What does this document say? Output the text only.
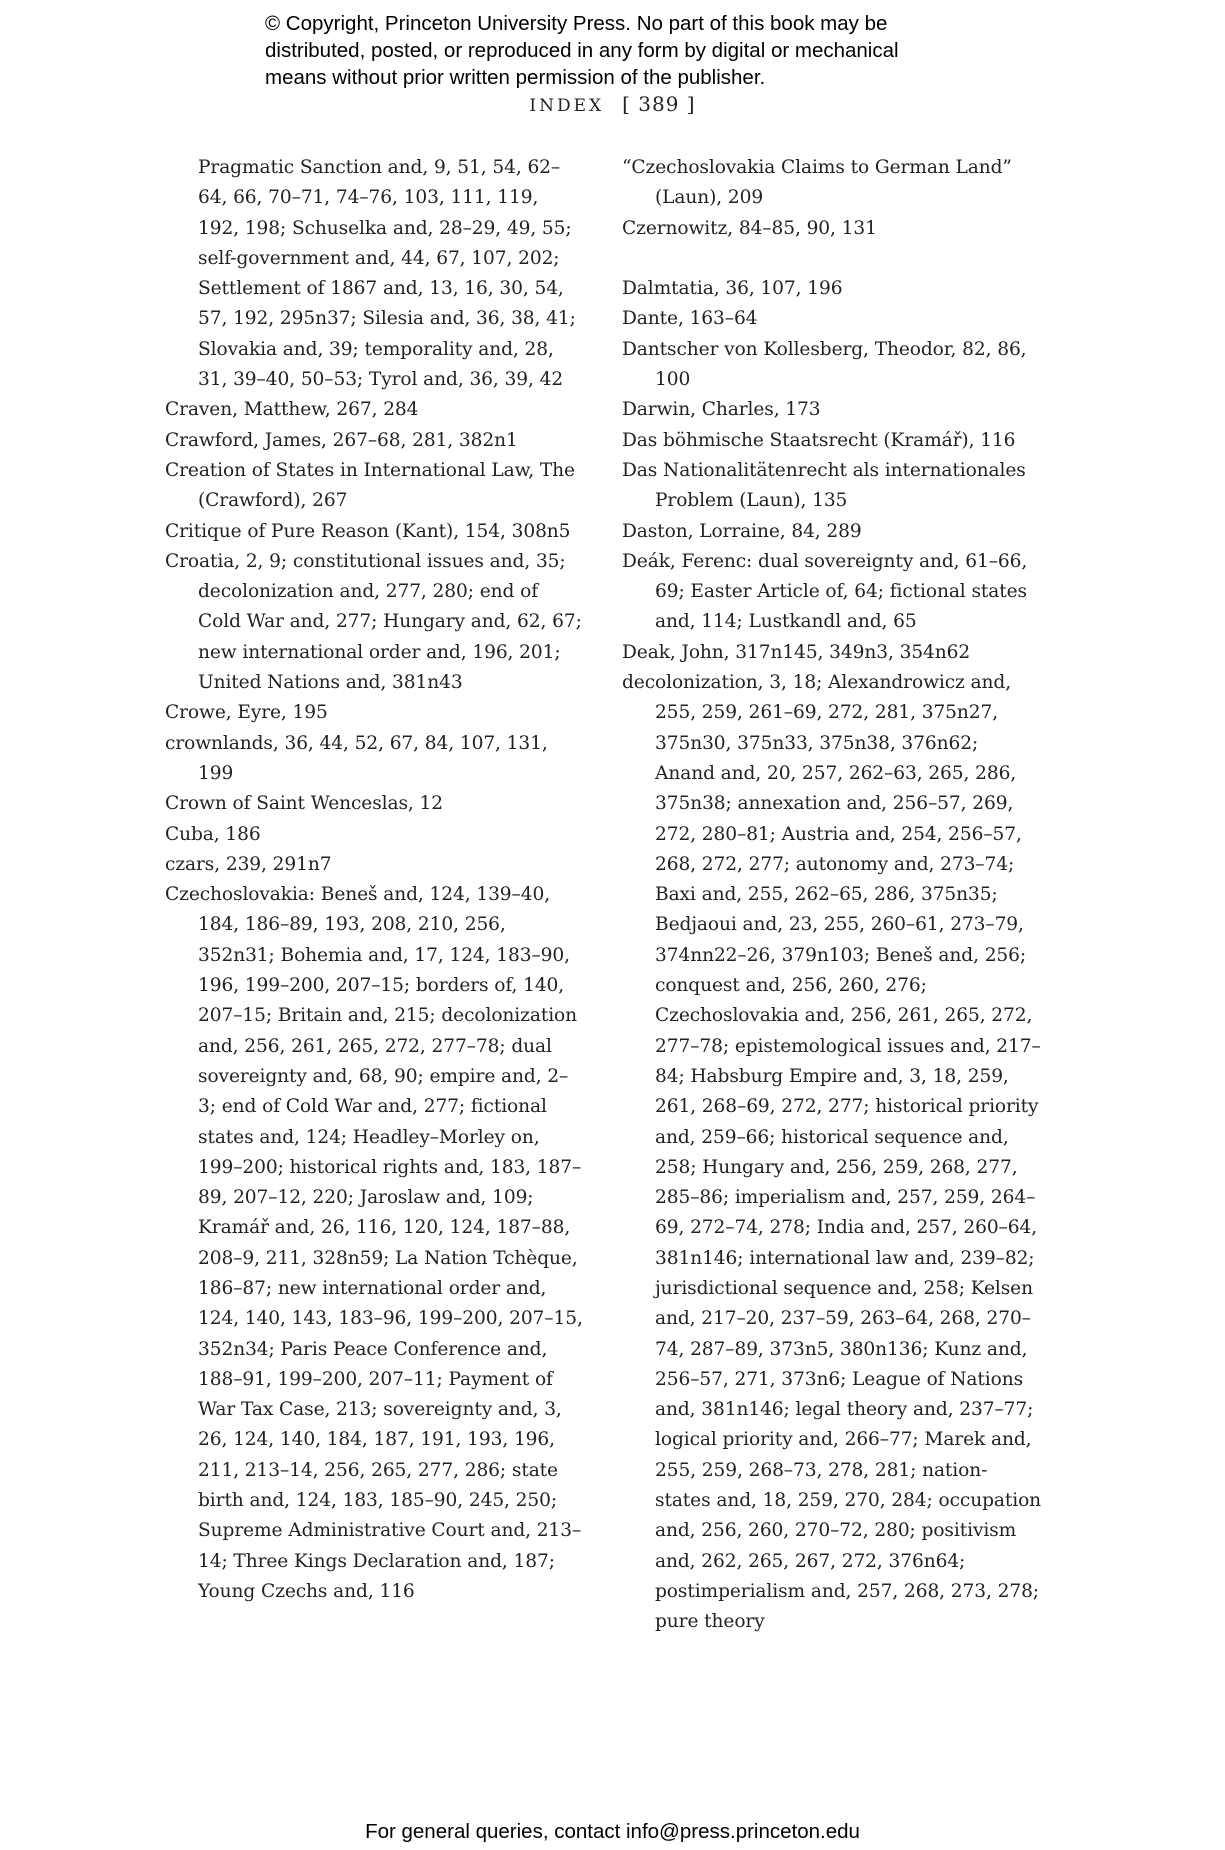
© Copyright, Princeton University Press. No part of this book may be
distributed, posted, or reproduced in any form by digital or mechanical
means without prior written permission of the publisher.
INDEX [ 389 ]
Pragmatic Sanction and, 9, 51, 54, 62–64, 66, 70–71, 74–76, 103, 111, 119, 192, 198; Schuselka and, 28–29, 49, 55; self-government and, 44, 67, 107, 202; Settlement of 1867 and, 13, 16, 30, 54, 57, 192, 295n37; Silesia and, 36, 38, 41; Slovakia and, 39; temporality and, 28, 31, 39–40, 50–53; Tyrol and, 36, 39, 42
Craven, Matthew, 267, 284
Crawford, James, 267–68, 281, 382n1
Creation of States in International Law, The (Crawford), 267
Critique of Pure Reason (Kant), 154, 308n5
Croatia, 2, 9; constitutional issues and, 35; decolonization and, 277, 280; end of Cold War and, 277; Hungary and, 62, 67; new international order and, 196, 201; United Nations and, 381n43
Crowe, Eyre, 195
crownlands, 36, 44, 52, 67, 84, 107, 131, 199
Crown of Saint Wenceslas, 12
Cuba, 186
czars, 239, 291n7
Czechoslovakia: Beneš and, 124, 139–40, 184, 186–89, 193, 208, 210, 256, 352n31; Bohemia and, 17, 124, 183–90, 196, 199–200, 207–15; borders of, 140, 207–15; Britain and, 215; decolonization and, 256, 261, 265, 272, 277–78; dual sovereignty and, 68, 90; empire and, 2–3; end of Cold War and, 277; fictional states and, 124; Headley–Morley on, 199–200; historical rights and, 183, 187–89, 207–12, 220; Jaroslaw and, 109; Kramář and, 26, 116, 120, 124, 187–88, 208–9, 211, 328n59; La Nation Tchèque, 186–87; new international order and, 124, 140, 143, 183–96, 199–200, 207–15, 352n34; Paris Peace Conference and, 188–91, 199–200, 207–11; Payment of War Tax Case, 213; sovereignty and, 3, 26, 124, 140, 184, 187, 191, 193, 196, 211, 213–14, 256, 265, 277, 286; state birth and, 124, 183, 185–90, 245, 250; Supreme Administrative Court and, 213–14; Three Kings Declaration and, 187; Young Czechs and, 116
“Czechoslovakia Claims to German Land” (Laun), 209
Czernowitz, 84–85, 90, 131
Dalmtatia, 36, 107, 196
Dante, 163–64
Dantscher von Kollesberg, Theodor, 82, 86, 100
Darwin, Charles, 173
Das böhmische Staatsrecht (Kramář), 116
Das Nationalitätenrecht als internationales Problem (Laun), 135
Daston, Lorraine, 84, 289
Deák, Ferenc: dual sovereignty and, 61–66, 69; Easter Article of, 64; fictional states and, 114; Lustkandl and, 65
Deak, John, 317n145, 349n3, 354n62
decolonization, 3, 18; Alexandrowicz and, 255, 259, 261–69, 272, 281, 375n27, 375n30, 375n33, 375n38, 376n62; Anand and, 20, 257, 262–63, 265, 286, 375n38; annexation and, 256–57, 269, 272, 280–81; Austria and, 254, 256–57, 268, 272, 277; autonomy and, 273–74; Baxi and, 255, 262–65, 286, 375n35; Bedjaoui and, 23, 255, 260–61, 273–79, 374nn22–26, 379n103; Beneš and, 256; conquest and, 256, 260, 276; Czechoslovakia and, 256, 261, 265, 272, 277–78; epistemological issues and, 217–84; Habsburg Empire and, 3, 18, 259, 261, 268–69, 272, 277; historical priority and, 259–66; historical sequence and, 258; Hungary and, 256, 259, 268, 277, 285–86; imperialism and, 257, 259, 264–69, 272–74, 278; India and, 257, 260–64, 381n146; international law and, 239–82; jurisdictional sequence and, 258; Kelsen and, 217–20, 237–59, 263–64, 268, 270–74, 287–89, 373n5, 380n136; Kunz and, 256–57, 271, 373n6; League of Nations and, 381n146; legal theory and, 237–77; logical priority and, 266–77; Marek and, 255, 259, 268–73, 278, 281; nation-states and, 18, 259, 270, 284; occupation and, 256, 260, 270–72, 280; positivism and, 262, 265, 267, 272, 376n64; postimperialism and, 257, 268, 273, 278; pure theory
For general queries, contact info@press.princeton.edu
